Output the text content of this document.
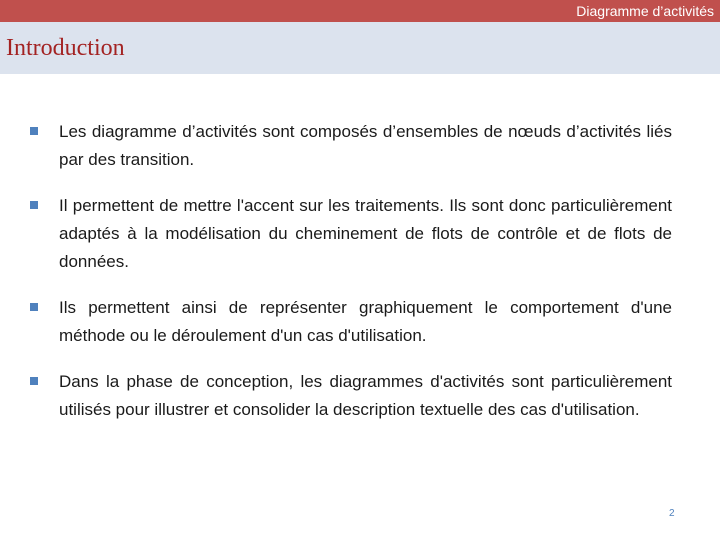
Diagramme d’activités
Introduction
Les diagramme d’activités sont composés d’ensembles de nœuds d’activités liés par des transition.
Il permettent de mettre l'accent sur les traitements. Ils sont donc particulièrement adaptés à la modélisation du cheminement de flots de contrôle et de flots de données.
Ils permettent ainsi de représenter graphiquement le comportement d'une méthode ou le déroulement d'un cas d'utilisation.
Dans la phase de conception, les diagrammes d'activités sont particulièrement utilisés pour illustrer et consolider la description textuelle des cas d'utilisation.
2
